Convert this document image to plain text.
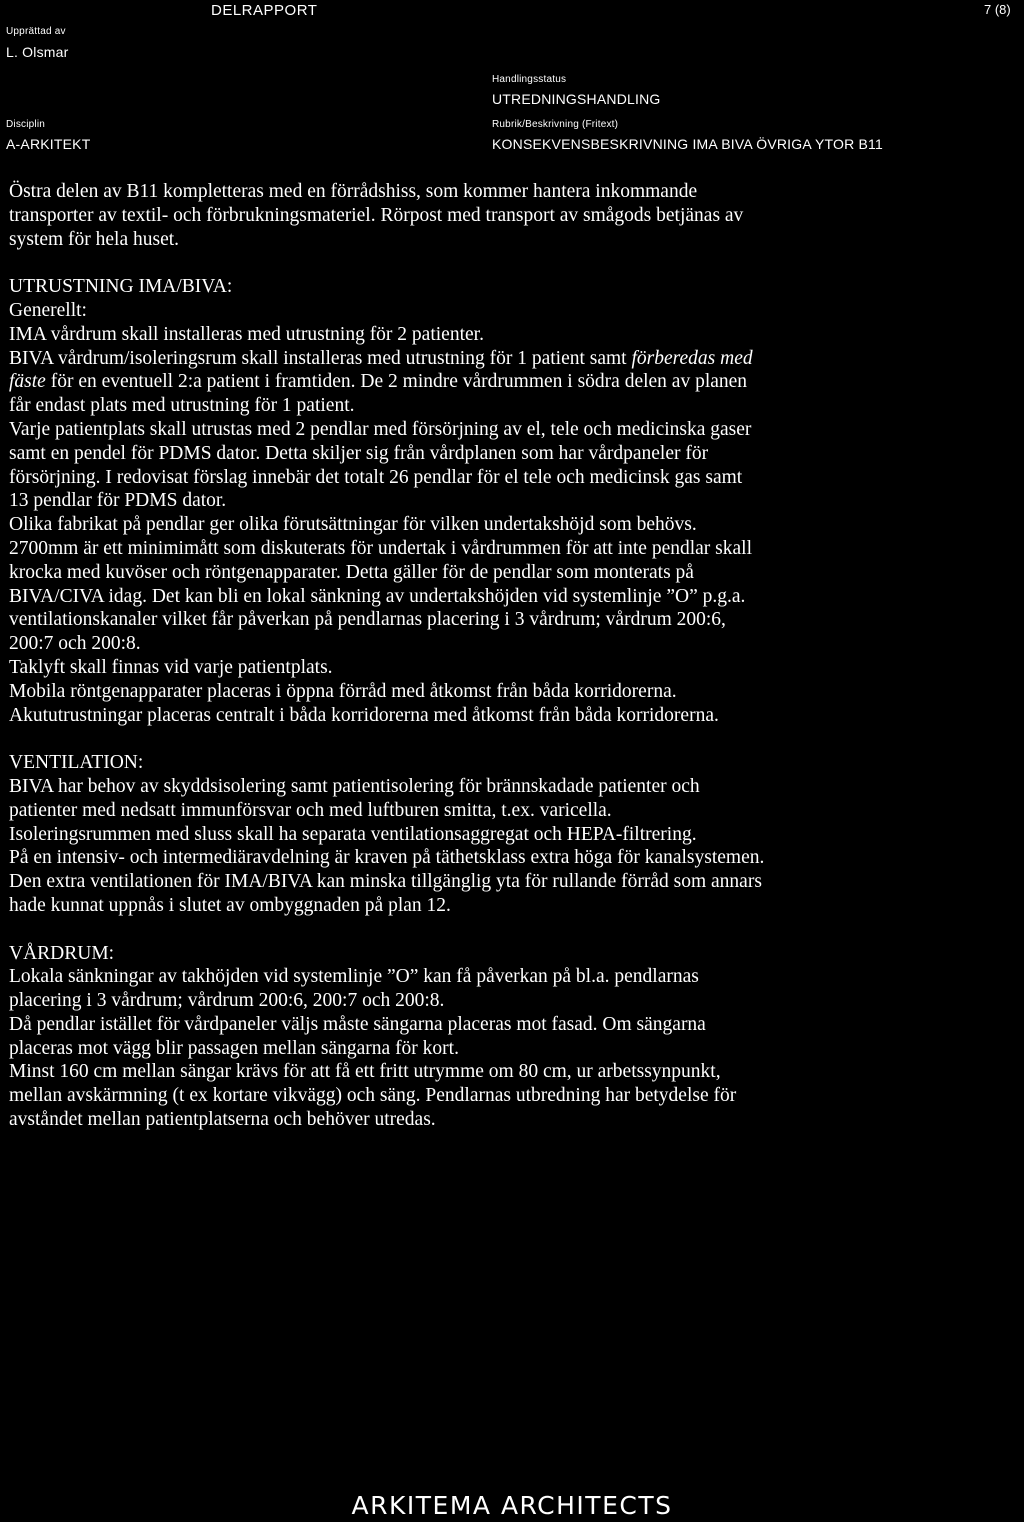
DELRAPPORT	7 (8)
Upprättad av
L. Olsmar
Handlingsstatus
UTREDNINGSHANDLING
Disciplin
A-ARKITEKT
Rubrik/Beskrivning (Fritext)
KONSEKVENSBESKRIVNING IMA BIVA ÖVRIGA YTOR B11
Östra delen av B11 kompletteras med en förrådshiss, som kommer hantera inkommande
transporter av textil- och förbrukningsmateriel. Rörpost med transport av smågods betjänas av
system för hela huset.
UTRUSTNING IMA/BIVA:
Generellt:
IMA vårdrum skall installeras med utrustning för 2 patienter.
BIVA vårdrum/isoleringsrum skall installeras med utrustning för 1 patient samt förberedas med
fäste för en eventuell 2:a patient i framtiden. De 2 mindre vårdrummen i södra delen av planen
får endast plats med utrustning för 1 patient.
Varje patientplats skall utrustas med 2 pendlar med försörjning av el, tele och medicinska gaser
samt en pendel för PDMS dator. Detta skiljer sig från vårdplanen som har vårdpaneler för
försörjning. I redovisat förslag innebär det totalt 26 pendlar för el tele och medicinsk gas samt
13 pendlar för PDMS dator.
Olika fabrikat på pendlar ger olika förutsättningar för vilken undertakshöjd som behövs.
2700mm är ett minimimått som diskuterats för undertak i vårdrummen för att inte pendlar skall
krocka med kuvöser och röntgenapparater. Detta gäller för de pendlar som monterats på
BIVA/CIVA idag. Det kan bli en lokal sänkning av undertakshöjden vid systemlinje ”O” p.g.a.
ventilationskanaler vilket får påverkan på pendlarnas placering i 3 vårdrum; vårdrum 200:6,
200:7 och 200:8.
Taklyft skall finnas vid varje patientplats.
Mobila röntgenapparater placeras i öppna förråd med åtkomst från båda korridorerna.
Akututrustningar placeras centralt i båda korridorerna med åtkomst från båda korridorerna.
VENTILATION:
BIVA har behov av skyddsisolering samt patientisolering för brännskadade patienter och
patienter med nedsatt immunförsvar och med luftburen smitta, t.ex. varicella.
Isoleringsrummen med sluss skall ha separata ventilationsaggregat och HEPA-filtrering.
På en intensiv- och intermediäravdelning är kraven på täthetsklass extra höga för kanalsystemen.
Den extra ventilationen för IMA/BIVA kan minska tillgänglig yta för rullande förråd som annars
hade kunnat uppnås i slutet av ombyggnaden på plan 12.
VÅRDRUM:
Lokala sänkningar av takhöjden vid systemlinje ”O” kan få påverkan på bl.a. pendlarnas
placering i 3 vårdrum; vårdrum 200:6, 200:7 och 200:8.
Då pendlar istället för vårdpaneler väljs måste sängarna placeras mot fasad. Om sängarna
placeras mot vägg blir passagen mellan sängarna för kort.
Minst 160 cm mellan sängar krävs för att få ett fritt utrymme om 80 cm, ur arbetssynpunkt,
mellan avskärmning (t ex kortare vikvägg) och säng. Pendlarnas utbredning har betydelse för
avståndet mellan patientplatserna och behöver utredas.
ARKITEMA ARCHITECTS
